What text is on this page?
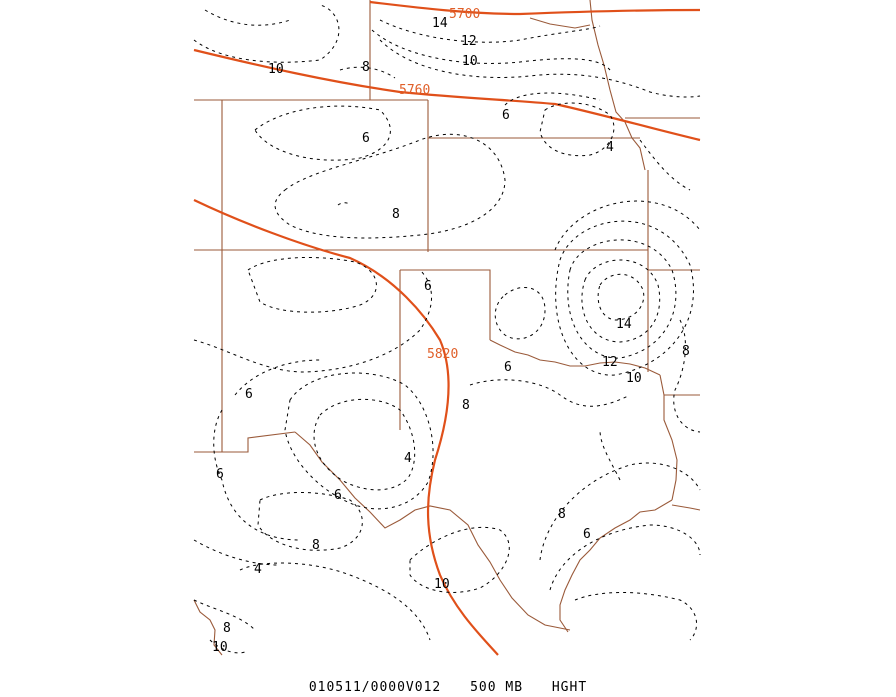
5700
5760
5820
14
12
10
10	8
6
4
8
6
14
12
10
8
6
8
6
6
4
6
8
6
8
4
10
6
8
10
010511/0000V012 500 MB HGHT
